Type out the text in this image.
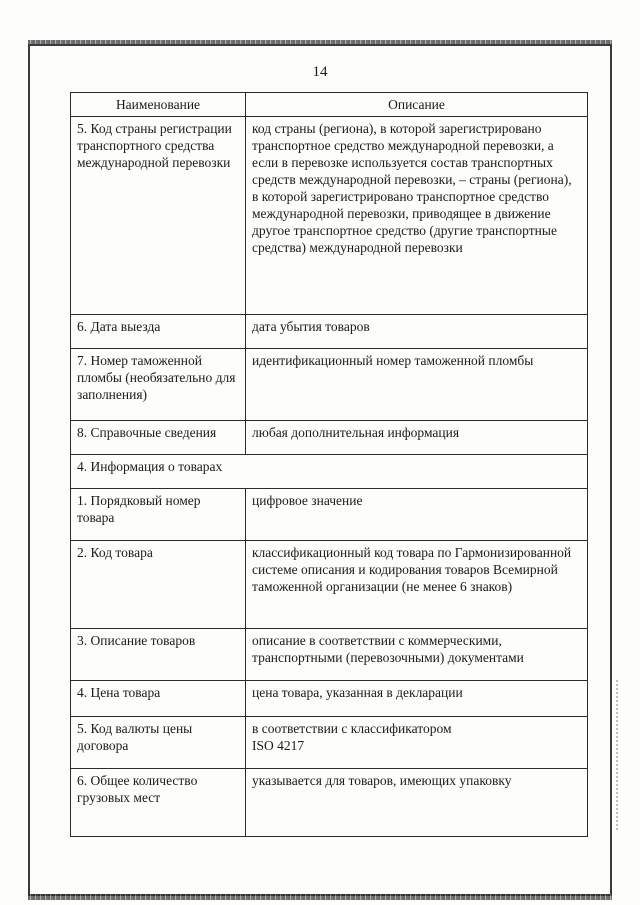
14
Наименование	Описание
5. Код страны регистрации транспортного средства международной перевозки	код страны (региона), в которой зарегистрировано транспортное средство международной перевозки, а если в перевозке используется состав транспортных средств международной перевозки, – страны (региона), в которой зарегистрировано транспортное средство международной перевозки, приводящее в движение другое транспортное средство (другие транспортные средства) международной перевозки
6. Дата выезда	дата убытия товаров
7. Номер таможенной пломбы (необязательно для заполнения)	идентификационный номер таможенной пломбы
8. Справочные сведения	любая дополнительная информация
4. Информация о товарах	
1. Порядковый номер товара	цифровое значение
2. Код товара	классификационный код товара по Гармонизированной системе описания и кодирования товаров Всемирной таможенной организации (не менее 6 знаков)
3. Описание товаров	описание в соответствии с коммерческими, транспортными (перевозочными) документами
4. Цена товара	цена товара, указанная в декларации
5. Код валюты цены договора	в соответствии с классификатором
ISO 4217

6. Общее количество грузовых мест	указывается для товаров, имеющих упаковку
